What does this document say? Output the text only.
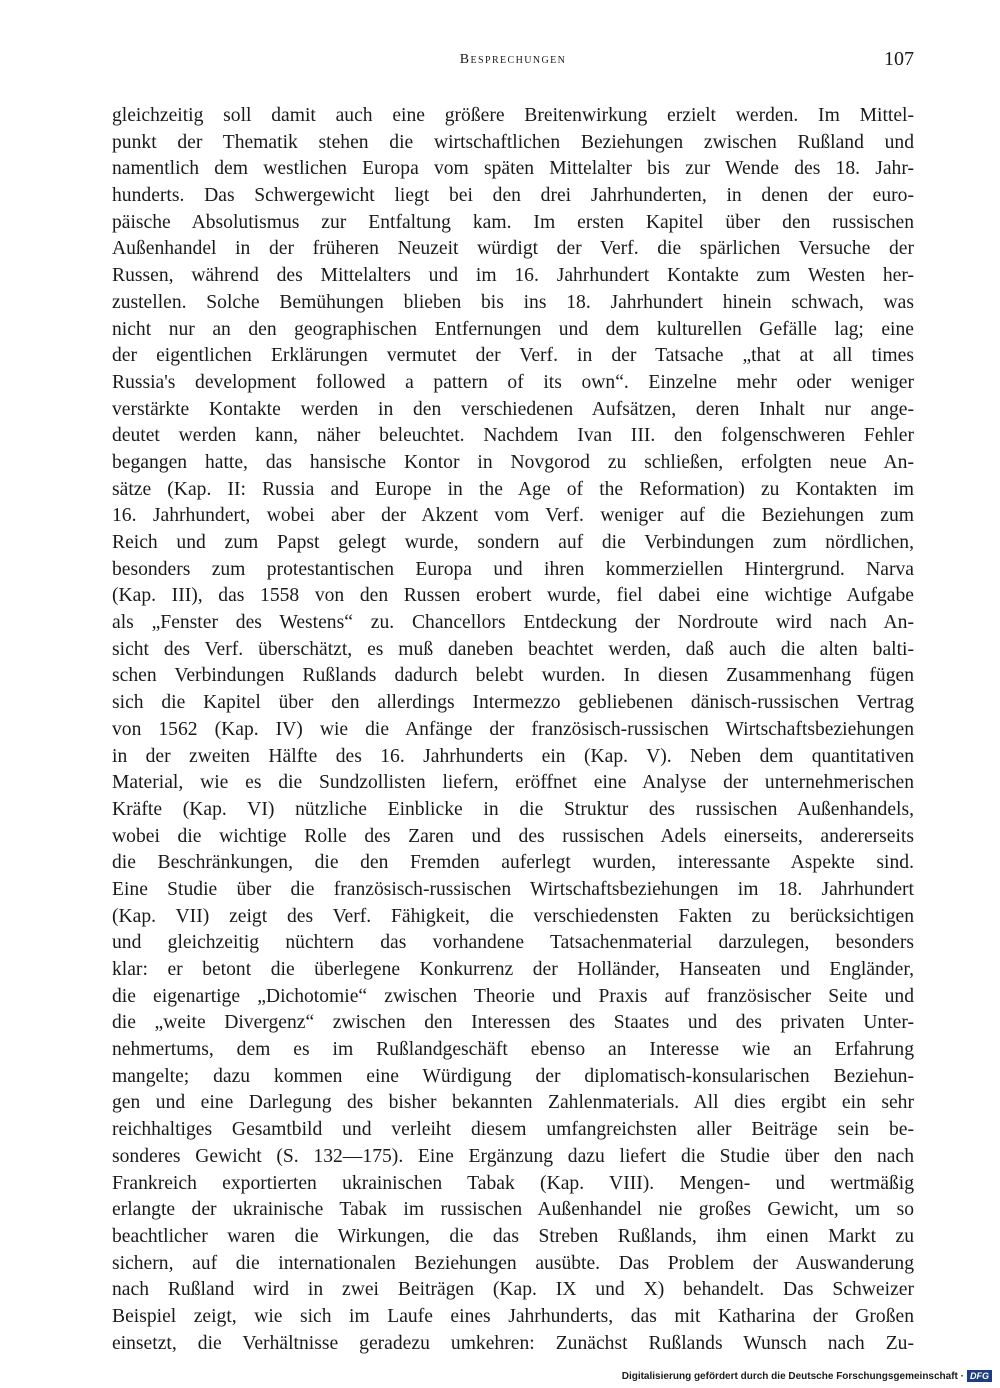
Besprechungen	107
gleichzeitig soll damit auch eine größere Breitenwirkung erzielt werden. Im Mittel-
punkt der Thematik stehen die wirtschaftlichen Beziehungen zwischen Rußland und
namentlich dem westlichen Europa vom späten Mittelalter bis zur Wende des 18. Jahr-
hunderts. Das Schwergewicht liegt bei den drei Jahrhunderten, in denen der euro-
päische Absolutismus zur Entfaltung kam. Im ersten Kapitel über den russischen
Außenhandel in der früheren Neuzeit würdigt der Verf. die spärlichen Versuche der
Russen, während des Mittelalters und im 16. Jahrhundert Kontakte zum Westen her-
zustellen. Solche Bemühungen blieben bis ins 18. Jahrhundert hinein schwach, was
nicht nur an den geographischen Entfernungen und dem kulturellen Gefälle lag; eine
der eigentlichen Erklärungen vermutet der Verf. in der Tatsache „that at all times
Russia's development followed a pattern of its own“. Einzelne mehr oder weniger
verstärkte Kontakte werden in den verschiedenen Aufsätzen, deren Inhalt nur ange-
deutet werden kann, näher beleuchtet. Nachdem Ivan III. den folgenschweren Fehler
begangen hatte, das hansische Kontor in Novgorod zu schließen, erfolgten neue An-
sätze (Kap. II: Russia and Europe in the Age of the Reformation) zu Kontakten im
16. Jahrhundert, wobei aber der Akzent vom Verf. weniger auf die Beziehungen zum
Reich und zum Papst gelegt wurde, sondern auf die Verbindungen zum nördlichen,
besonders zum protestantischen Europa und ihren kommerziellen Hintergrund. Narva
(Kap. III), das 1558 von den Russen erobert wurde, fiel dabei eine wichtige Aufgabe
als „Fenster des Westens“ zu. Chancellors Entdeckung der Nordroute wird nach An-
sicht des Verf. überschätzt, es muß daneben beachtet werden, daß auch die alten balti-
schen Verbindungen Rußlands dadurch belebt wurden. In diesen Zusammenhang fügen
sich die Kapitel über den allerdings Intermezzo gebliebenen dänisch-russischen Vertrag
von 1562 (Kap. IV) wie die Anfänge der französisch-russischen Wirtschaftsbeziehungen
in der zweiten Hälfte des 16. Jahrhunderts ein (Kap. V). Neben dem quantitativen
Material, wie es die Sundzollisten liefern, eröffnet eine Analyse der unternehmerischen
Kräfte (Kap. VI) nützliche Einblicke in die Struktur des russischen Außenhandels,
wobei die wichtige Rolle des Zaren und des russischen Adels einerseits, andererseits
die Beschränkungen, die den Fremden auferlegt wurden, interessante Aspekte sind.
Eine Studie über die französisch-russischen Wirtschaftsbeziehungen im 18. Jahrhundert
(Kap. VII) zeigt des Verf. Fähigkeit, die verschiedensten Fakten zu berücksichtigen
und gleichzeitig nüchtern das vorhandene Tatsachenmaterial darzulegen, besonders
klar: er betont die überlegene Konkurrenz der Holländer, Hanseaten und Engländer,
die eigenartige „Dichotomie“ zwischen Theorie und Praxis auf französischer Seite und
die „weite Divergenz“ zwischen den Interessen des Staates und des privaten Unter-
nehmertums, dem es im Rußlandgeschäft ebenso an Interesse wie an Erfahrung
mangelte; dazu kommen eine Würdigung der diplomatisch-konsularischen Beziehun-
gen und eine Darlegung des bisher bekannten Zahlenmaterials. All dies ergibt ein sehr
reichhaltiges Gesamtbild und verleiht diesem umfangreichsten aller Beiträge sein be-
sonderes Gewicht (S. 132—175). Eine Ergänzung dazu liefert die Studie über den nach
Frankreich exportierten ukrainischen Tabak (Kap. VIII). Mengen- und wertmäßig
erlangte der ukrainische Tabak im russischen Außenhandel nie großes Gewicht, um so
beachtlicher waren die Wirkungen, die das Streben Rußlands, ihm einen Markt zu
sichern, auf die internationalen Beziehungen ausübte. Das Problem der Auswanderung
nach Rußland wird in zwei Beiträgen (Kap. IX und X) behandelt. Das Schweizer
Beispiel zeigt, wie sich im Laufe eines Jahrhunderts, das mit Katharina der Großen
einsetzt, die Verhältnisse geradezu umkehren: Zunächst Rußlands Wunsch nach Zu-
Digitalisierung gefördert durch die Deutsche Forschungsgemeinschaft · DFG
